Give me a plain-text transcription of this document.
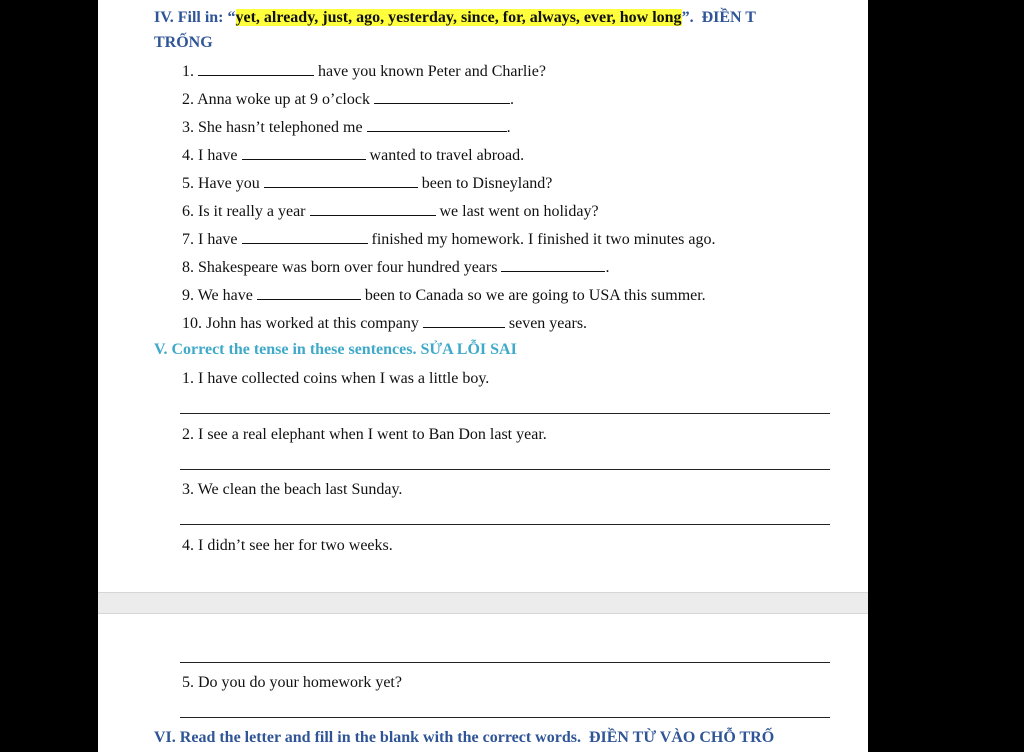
IV. Fill in: “yet, already, just, ago, yesterday, since, for, always, ever, how long”. ĐIỀN T
TRỐNG
1.	have you known Peter and Charlie?
2. Anna woke up at 9 o’clock	.
3. She hasn’t telephoned me	.
4. I have	wanted to travel abroad.
5. Have you	been to Disneyland?
6. Is it really a year	we last went on holiday?
7. I have	finished my homework. I finished it two minutes ago.
8. Shakespeare was born over four hundred years	.
9. We have	been to Canada so we are going to USA this summer.
10. John has worked at this company	seven years.
V. Correct the tense in these sentences. SỬA LỖI SAI
1. I have collected coins when I was a little boy.
2. I see a real elephant when I went to Ban Don last year.
3. We clean the beach last Sunday.
4. I didn’t see her for two weeks.
5. Do you do your homework yet?
VI. Read the letter and fill in the blank with the correct words. ĐIỀN TỪ VÀO CHỖ TRỐ
